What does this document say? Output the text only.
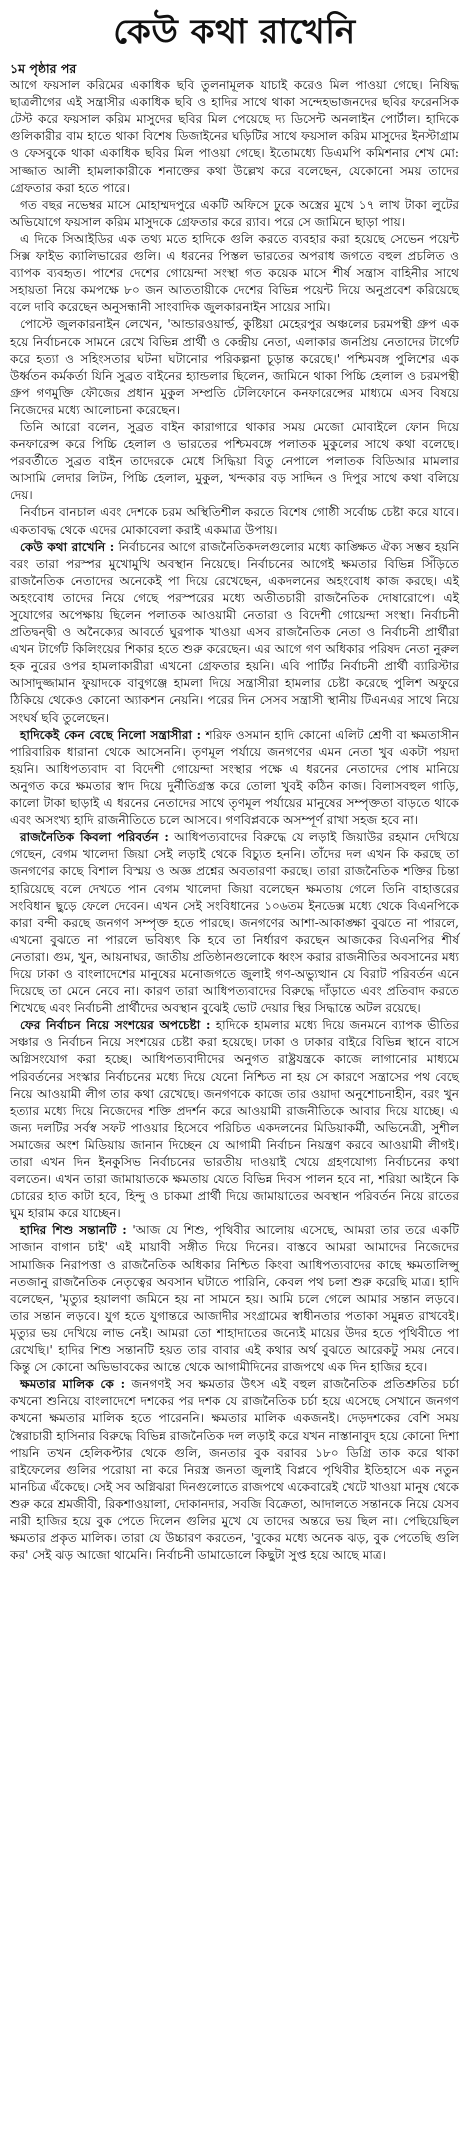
কেউ কথা রাখেনি
১ম পৃষ্ঠার পর

আগে ফয়সাল করিমের একাধিক ছবি তুলনামূলক যাচাই করেও মিল পাওয়া গেছে। নিষিদ্ধ ছাত্রলীগের এই সন্ত্রাসীর একাধিক ছবি ও হাদির সাথে থাকা সন্দেহভাজনদের ছবির ফরেনসিক টেস্ট করে ফয়সাল করিম মাসুদের ছবির মিল পেয়েছে দ্য ডিসেন্ট অনলাইন পোর্টাল। হাদিকে গুলিকারীর বাম হাতে থাকা বিশেষ ডিজাইনের ঘড়িটির সাথে ফয়সাল করিম মাসুদের ইনস্টাগ্রাম ও ফেসবুকে থাকা একাধিক ছবির মিল পাওয়া গেছে। ইতোমধ্যে ডিএমপি কমিশনার শেখ মো: সাজ্জাত আলী হামলাকারীকে শনাক্তের কথা উল্লেখ করে বলেছেন, যেকোনো সময় তাদের গ্রেফতার করা হতে পারে।

গত বছর নভেম্বর মাসে মোহাম্মদপুরে একটি অফিসে ঢুকে অস্ত্রের মুখে ১৭ লাখ টাকা লুটের অভিযোগে ফয়সাল করিম মাসুদকে গ্রেফতার করে র‍্যাব। পরে সে জামিনে ছাড়া পায়।

এ দিকে সিআইডির এক তথ্য মতে হাদিকে গুলি করতে ব্যবহার করা হয়েছে সেভেন পয়েন্ট সিক্স ফাইভ ক্যালিভারের গুলি। এ ধরনের পিস্তল ভারতের অপরাধ জগতে বহুল প্রচলিত ও ব্যাপক ব্যবহৃত। পাশের দেশের গোয়েন্দা সংস্থা গত কয়েক মাসে শীর্ষ সন্ত্রাস বাহিনীর সাথে সহায়তা নিয়ে কমপক্ষে ৮০ জন আততায়ীকে দেশের বিভিন্ন পয়েন্ট দিয়ে অনুপ্রবেশ করিয়েছে বলে দাবি করেছেন অনুসন্ধানী সাংবাদিক জুলকারনাইন সায়ের সামি।

পোস্টে জুলকারনাইন লেখেন, 'আন্ডারওয়ার্ল্ড, কুষ্টিয়া মেহেরপুর অঞ্চলের চরমপন্থী গ্রুপ এক হয়ে নির্বাচনকে সামনে রেখে বিভিন্ন প্রার্থী ও কেন্দ্রীয় নেতা, এলাকার জনপ্রিয় নেতাদের টার্গেট করে হত্যা ও সহিংসতার ঘটনা ঘটানোর পরিকল্পনা চূড়ান্ত করেছে।' পশ্চিমবঙ্গ পুলিশের এক উর্ধ্বতন কর্মকর্তা যিনি সুব্রত বাইনের হ্যান্ডলার ছিলেন, জামিনে থাকা পিচ্চি হেলাল ও চরমপন্থী গ্রুপ গণমুক্তি ফৌজের প্রধান মুকুল সম্প্রতি টেলিফোনে কনফারেন্সের মাধ্যমে এসব বিষয়ে নিজেদের মধ্যে আলোচনা করেছেন।

তিনি আরো বলেন, সুব্রত বাইন কারাগারে থাকার সময় মেজো মোবাইলে ফোন দিয়ে কনফারেন্স করে পিচ্চি হেলাল ও ভারতের পশ্চিমবঙ্গে পলাতক মুকুলের সাথে কথা বলেছে। পরবর্তীতে সুব্রত বাইন তাদেরকে মেধে সিদ্ধিয়া বিতু নেপালে পলাতক বিডিআর মামলার আসামি লেদার লিটন, পিচ্চি হেলাল, মুকুল, খন্দকার বড় সাদ্দিন ও দিপুর সাথে কথা বলিয়ে দেয়।

নির্বাচন বানচাল এবং দেশকে চরম অস্থিতিশীল করতে বিশেষ গোষ্ঠী সর্বোচ্চ চেষ্টা করে যাবে। একতাবদ্ধ থেকে এদের মোকাবেলা করাই একমাত্র উপায়।

কেউ কথা রাখেনি : নির্বাচনের আগে রাজনৈতিকদলগুলোর মধ্যে কাঙ্ক্ষিত ঐক্য সম্ভব হয়নি বরং তারা পরস্পর মুখোমুখি অবস্থান নিয়েছে। নির্বাচনের আগেই ক্ষমতার বিভিন্ন সিঁড়িতে রাজনৈতিক নেতাদের অনেকেই পা দিয়ে রেখেছেন, একদলনের অহংবোধ কাজ করছে। এই অহংবোধ তাদের নিয়ে গেছে পরস্পরের মধ্যে অতীতচারী রাজনৈতিক দোষারোপে। এই সুযোগের অপেক্ষায় ছিলেন পলাতক আওয়ামী নেতারা ও বিদেশী গোয়েন্দা সংস্থা। নির্বাচনী প্রতিদ্বন্দ্বী ও অনৈক্যের আবর্তে ঘুরপাক খাওয়া এসব রাজনৈতিক নেতা ও নির্বাচনী প্রার্থীরা এখন টার্গেট কিলিংয়ের শিকার হতে শুরু করেছেন। এর আগে গণ অধিকার পরিষদ নেতা নুরুল হক নুরের ওপর হামলাকারীরা এখনো গ্রেফতার হয়নি। এবি পার্টির নির্বাচনী প্রার্থী ব্যারিস্টার আসাদুজ্জামান ফুয়াদকে বাবুগঞ্জে হামলা দিয়ে সন্ত্রাসীরা হামলার চেষ্টা করেছে পুলিশ অফুরে ঠিকিয়ে থেকেও কোনো অ্যাকশন নেয়নি। পরের দিন সেসব সন্ত্রাসী স্থানীয় টিএনএর সাথে নিয়ে সংঘর্ষ ছবি তুলেছেন।

হাদিকেই কেন বেছে নিলো সন্ত্রাসীরা : শরিফ ওসমান হাদি কোনো এলিট শ্রেণী বা ক্ষমতাসীন পারিবারিক ধারানা থেকে আসেননি। তৃণমূল পর্যায়ে জনগণের এমন নেতা খুব একটা পয়দা হয়নি। আধিপত্যবাদ বা বিদেশী গোয়েন্দা সংস্থার পক্ষে এ ধরনের নেতাদের পোষ মানিয়ে অনুগত করে ক্ষমতার স্বাদ দিয়ে দুর্নীতিগ্রস্ত করে তোলা খুবই কঠিন কাজ। বিলাসবহুল গাড়ি, কালো টাকা ছাড়াই এ ধরনের নেতাদের সাথে তৃণমূল পর্যায়ের মানুষের সম্পৃক্ততা বাড়তে থাকে এবং অসংখ্য হাদি রাজনীতিতে চলে আসবে। গণবিপ্লবকে অসম্পূর্ণ রাখা সহজ হবে না।

রাজনৈতিক কিবলা পরিবর্তন : আধিপত্যবাদের বিরুদ্ধে যে লড়াই জিয়াউর রহমান দেখিয়ে গেছেন, বেগম খালেদা জিয়া সেই লড়াই থেকে বিচ্যুত হননি। তাঁদের দল এখন কি করছে তা জনগণের কাছে বিশাল বিস্ময় ও অজ্ঞ প্রশ্নের অবতারণা করছে। তারা রাজনৈতিক শক্তির চিন্তা হারিয়েছে বলে দেখতে পান বেগম খালেদা জিয়া বলেছেন ক্ষমতায় গেলে তিনি বাহাত্তরের সংবিধান ছুড়ে ফেলে দেবেন। এখন সেই সংবিধানের ১০৬তম ইনডেক্স মধ্যে থেকে বিএনপিকে কারা বন্দী করছে জনগণ সম্পৃক্ত হতে পারছে। জনগণের আশা-আকাঙ্ক্ষা বুঝতে না পারলে, এখনো বুঝতে না পারলে ভবিষ্যৎ কি হবে তা নির্ধারণ করছেন আজকের বিএনপির শীর্ষ নেতারা। গুম, খুন, আয়নাঘর, জাতীয় প্রতিষ্ঠানগুলোকে ধ্বংস করার রাজনীতির অবসানের মধ্য দিয়ে ঢাকা ও বাংলাদেশের মানুষের মনোজগতে জুলাই গণ-অভ্যুত্থান যে বিরাট পরিবর্তন এনে দিয়েছে তা মেনে নেবে না। কারণ তারা আধিপত্যবাদের বিরুদ্ধে দাঁড়াতে এবং প্রতিবাদ করতে শিখেছে এবং নির্বাচনী প্রার্থীদের অবস্থান বুঝেই ভোট দেয়ার স্থির সিদ্ধান্তে অটল রয়েছে।

ফের নির্বাচন নিয়ে সংশয়ের অপচেষ্টা : হাদিকে হামলার মধ্যে দিয়ে জনমনে ব্যাপক ভীতির সঞ্চার ও নির্বাচন নিয়ে সংশয়ের চেষ্টা করা হয়েছে। ঢাকা ও ঢাকার বাইরে বিভিন্ন স্থানে বাসে অগ্নিসংযোগ করা হচ্ছে। আধিপত্যবাদীদের অনুগত রাষ্ট্রযন্ত্রকে কাজে লাগানোর মাধ্যমে পরিবর্তনের সংস্কার নির্বাচনের মধ্যে দিয়ে যেনো নিশ্চিত না হয় সে কারণে সন্ত্রাসের পথ বেছে নিয়ে আওয়ামী লীগ তার কথা রেখেছে। জনগণকে কাজে তার ওয়াদা অনুশোচনাহীন, বরং খুন হত্যার মধ্যে দিয়ে নিজেদের শক্তি প্রদর্শন করে আওয়ামী রাজনীতিকে আবার দিয়ে যাচ্ছে। এ জন্য দলটির সর্বস্ব সফট পাওয়ার হিসেবে পরিচিত একদলনের মিডিয়াকর্মী, অভিনেত্রী, সুশীল সমাজের অংশ মিডিয়ায় জানান দিচ্ছেন যে আগামী নির্বাচন নিয়ন্ত্রণ করবে আওয়ামী লীগই। তারা এখন দিন ইনকুসিভ নির্বাচনের ভারতীয় দাওয়াই খেয়ে গ্রহণযোগ্য নির্বাচনের কথা বলতেন। এখন তারা জামায়াতকে ক্ষমতায় যেতে বিভিন্ন দিবস পালন হবে না, শরিয়া আইনে কি চোরের হাত কাটা হবে, হিন্দু ও চাকমা প্রার্থী দিয়ে জামায়াতের অবস্থান পরিবর্তন নিয়ে রাতের ঘুম হারাম করে যাচ্ছেন।

হাদির শিশু সন্তানটি : 'আজ যে শিশু, পৃথিবীর আলোয় এসেছে, আমরা তার তরে একটি সাজান বাগান চাই' এই মায়াবী সঙ্গীত দিয়ে দিনের। বাস্তবে আমরা আমাদের নিজেদের সামাজিক নিরাপত্তা ও রাজনৈতিক অধিকার নিশ্চিত কিংবা আধিপত্যবাদের কাছে ক্ষমতালিপ্সু নতজানু রাজনৈতিক নেতৃত্বের অবসান ঘটাতে পারিনি, কেবল পথ চলা শুরু করেছি মাত্র। হাদি বলেছেন, 'মৃত্যুর হয়ালণা জমিনে হয় না সামনে হয়। আমি চলে গেলে আমার সন্তান লড়বে। তার সন্তান লড়বে। যুগ হতে যুগান্তরে আজাদীর সংগ্রামের স্বাধীনতার পতাকা সমুন্নত রাখবেই। মৃত্যুর ভয় দেখিয়ে লাভ নেই। আমরা তো শাহাদাতের জন্যেই মায়ের উদর হতে পৃথিবীতে পা রেখেছি।' হাদির শিশু সন্তানটি হয়ত তার বাবার এই কথার অর্থ বুঝতে আরেকটু সময় নেবে। কিন্তু সে কোনো অভিভাবকের আন্তে থেকে আগামীদিনের রাজপথে এক দিন হাজির হবে।

ক্ষমতার মালিক কে : জনগণই সব ক্ষমতার উৎস এই বহুল রাজনৈতিক প্রতিশ্রুতির চর্চা কখনো শুনিয়ে বাংলাদেশে দশকের পর দশক যে রাজনৈতিক চর্চা হয়ে এসেছে সেখানে জনগণ কখনো ক্ষমতার মালিক হতে পারেননি। ক্ষমতার মালিক একজনই। দেড়দশকের বেশি সময় স্বৈরাচারী হাসিনার বিরুদ্ধে বিভিন্ন রাজনৈতিক দল লড়াই করে যখন নাস্তানাবুদ হয়ে কোনো দিশা পায়নি তখন হেলিকপ্টার থেকে গুলি, জনতার বুক বরাবর ১৮০ ডিগ্রি তাক করে থাকা রাইফেলের গুলির পরোয়া না করে নিরস্ত্র জনতা জুলাই বিপ্লবে পৃথিবীর ইতিহাসে এক নতুন মানচিত্র এঁকেছে। সেই সব অগ্নিঝরা দিনগুলোতে রাজপথে একেবারেই খেটে খাওয়া মানুষ থেকে শুরু করে শ্রমজীবী, রিকশাওয়ালা, দোকানদার, সবজি বিক্রেতা, আদালতে সন্তানকে নিয়ে যেসব নারী হাজির হয়ে বুক পেতে দিলেন গুলির মুখে যে তাদের অন্তরে ভয় ছিল না। পেছিয়েছিল ক্ষমতার প্রকৃত মালিক। তারা যে উচ্চারণ করতেন, 'বুকের মধ্যে অনেক ঝড়, বুক পেতেছি গুলি কর' সেই ঝড় আজো থামেনি। নির্বাচনী ডামাডোলে কিছুটা সুপ্ত হয়ে আছে মাত্র।
